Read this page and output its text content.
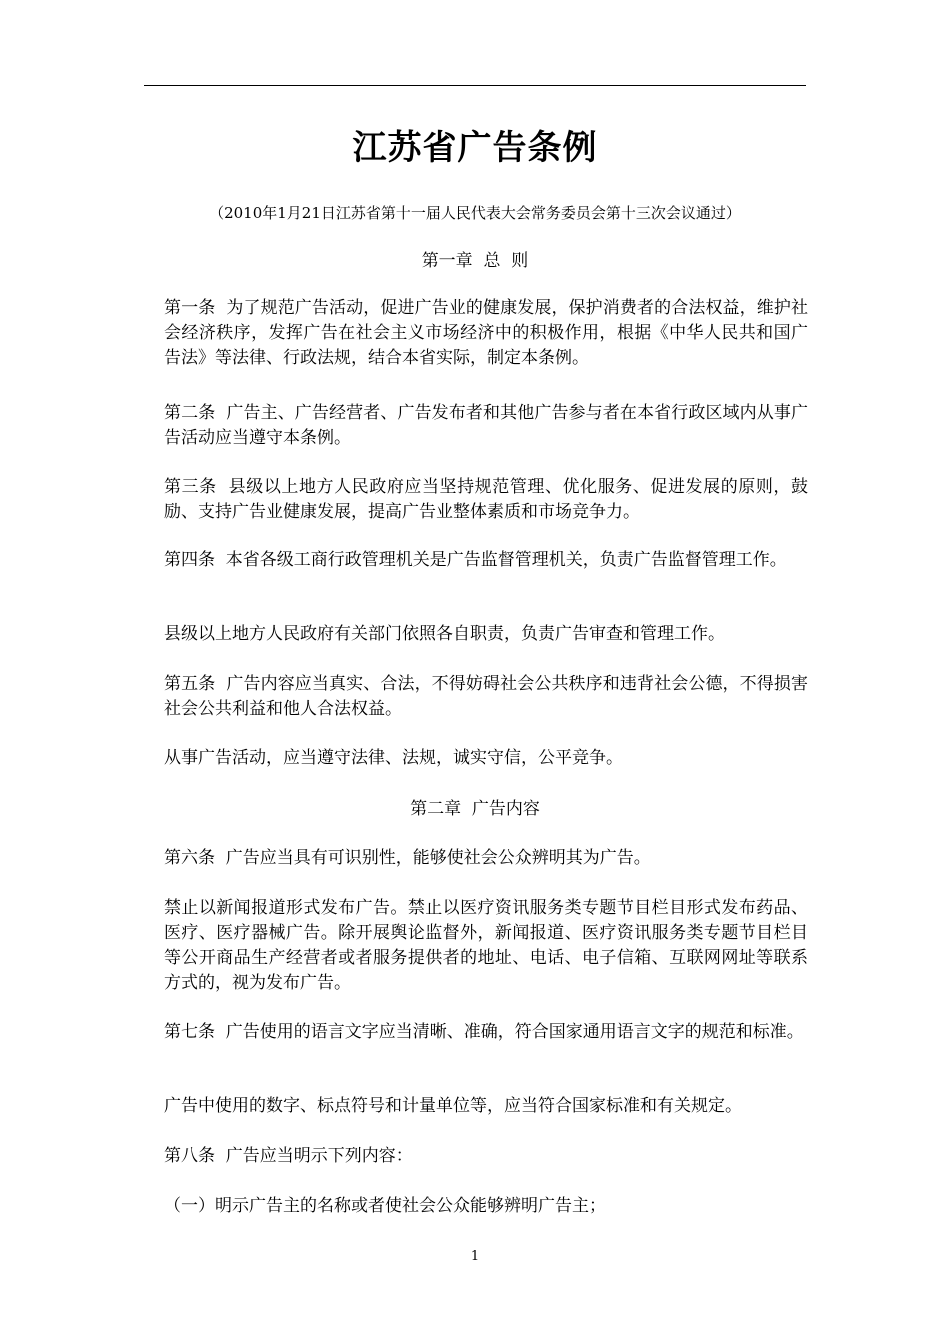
江苏省广告条例
（2010年1月21日江苏省第十一届人民代表大会常务委员会第十三次会议通过）
第一章  总  则
第一条  为了规范广告活动，促进广告业的健康发展，保护消费者的合法权益，维护社会经济秩序，发挥广告在社会主义市场经济中的积极作用，根据《中华人民共和国广告法》等法律、行政法规，结合本省实际，制定本条例。
第二条  广告主、广告经营者、广告发布者和其他广告参与者在本省行政区域内从事广告活动应当遵守本条例。
第三条  县级以上地方人民政府应当坚持规范管理、优化服务、促进发展的原则，鼓励、支持广告业健康发展，提高广告业整体素质和市场竞争力。
第四条  本省各级工商行政管理机关是广告监督管理机关，负责广告监督管理工作。
县级以上地方人民政府有关部门依照各自职责，负责广告审查和管理工作。
第五条  广告内容应当真实、合法，不得妨碍社会公共秩序和违背社会公德，不得损害社会公共利益和他人合法权益。
从事广告活动，应当遵守法律、法规，诚实守信，公平竞争。
第二章  广告内容
第六条  广告应当具有可识别性，能够使社会公众辨明其为广告。
禁止以新闻报道形式发布广告。禁止以医疗资讯服务类专题节目栏目形式发布药品、医疗、医疗器械广告。除开展舆论监督外，新闻报道、医疗资讯服务类专题节目栏目等公开商品生产经营者或者服务提供者的地址、电话、电子信箱、互联网网址等联系方式的，视为发布广告。
第七条  广告使用的语言文字应当清晰、准确，符合国家通用语言文字的规范和标准。
广告中使用的数字、标点符号和计量单位等，应当符合国家标准和有关规定。
第八条  广告应当明示下列内容：
（一）明示广告主的名称或者使社会公众能够辨明广告主；
1
